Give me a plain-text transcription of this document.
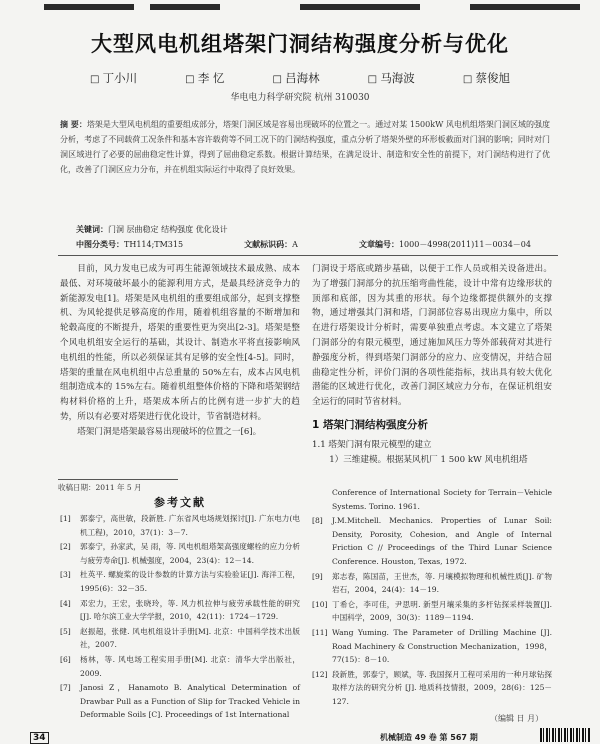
大型风电机组塔架门洞结构强度分析与优化
□ 丁小川	□ 李 忆	□ 吕海林	□ 马海波	□ 蔡俊旭
华电电力科学研究院 杭州 310030
摘 要：塔架是大型风电机组的重要组成部分，塔架门洞区域是容易出现破坏的位置之一。通过对某 1500kW 风电机组塔架门洞区域的强度分析，考虑了不同载荷工况条件和基本容许载荷等不同工况下的门洞结构强度，重点分析了塔架外壁的环形板截面对门洞的影响；同时对门洞区域进行了必要的屈曲稳定性计算，得到了屈曲稳定系数。根据计算结果，在满足设计、制造和安全性的前提下，对门洞结构进行了优化，改善了门洞区应力分布，并在机组实际运行中取得了良好效果。
关键词：门洞 层曲稳定 结构强度 优化设计
中图分类号：TH114;TM315	文献标识码：A	文章编号：1000－4998(2011)11－0034－04

目前，风力发电已成为可再生能源领域技术最成熟、成本最低、对环境破坏最小的能源利用方式，是最具经济竞争力的新能源发电[1]。塔架是风电机组的重要组成部分，起到支撑整机、为风轮提供足够高度的作用，随着机组容量的不断增加和轮毂高度的不断提升，塔架的重要性更为突出[2-3]。塔架是整个风电机组安全运行的基础，其设计、制造水平将直接影响风电机组的性能，所以必须保证其有足够的安全性[4-5]。同时，塔架的重量在风电机组中占总重量的 50%左右，成本占风电机组制造成本的 15%左右。随着机组整体价格的下降和塔架钢结构材料价格的上升，塔架成本所占的比例有进一步扩大的趋势，所以有必要对塔架进行优化设计，节省制造材料。

塔架门洞是塔架最容易出现破坏的位置之一[6]。

门洞设于塔底或踏步基础，以便于工作人员或相关设备进出。为了增强门洞部分的抗压缩弯曲性能，设计中常有边缘形状的顶部和底部，因为其重的形状。每个边缘都提供额外的支撑物，通过增强其门洞和塔，门洞部位容易出现应力集中，所以在进行塔架设计分析时，需要单独重点考虑。本文建立了塔架门洞部分的有限元模型，通过施加风压力等外部载荷对其进行静强度分析，得到塔架门洞部分的应力、应变情况，并结合屈曲稳定性分析，评价门洞的各项性能指标，找出具有较大优化潜能的区域进行优化，改善门洞区域应力分布，在保证机组安全运行的同时节省材料。

1 塔架门洞结构强度分析
1.1 塔架门洞有限元模型的建立

1）三维建模。根据某风机厂 1 500 kW 风电机组塔

收稿日期：2011 年 5 月
参考文献
[1]	郭泰宁，高世敏，段新胜. 广东省风电场规划探讨[J]. 广东电力(电机工程)，2010，37(1)：3－7.
[2]	郭泰宁，孙家武，吴 雨，等. 风电机组塔架高强度螺栓的应力分析与疲劳寿命[J]. 机械强度，2004，23(4)：12－14.
[3]	杜英平. 螺旋桨的设计参数的计算方法与实验验证[J]. 海洋工程，1995(6)：32－35.
[4]	邓宏力，王宏，张晓玲，等. 风力机拉伸与疲劳承载性能的研究[J]. 哈尔滨工业大学学报，2010，42(11)：1724－1729.
[5]	赵振超，张健. 风电机组设计手册[M]. 北京：中国科学技术出版社，2007.
[6]	杨林，等. 风电场工程实用手册[M]. 北京：清华大学出版社，2009.
[7]	Janosi Z，Hanamoto B. Analytical Determination of Drawbar Pull as a Function of Slip for Tracked Vehicle in Deformable Soils [C]. Proceedings of 1st International
Conference of International Society for Terrain－Vehicle Systems. Torino. 1961.
[8]	J.M.Mitchell. Mechanics. Properties of Lunar Soil: Density, Porosity, Cohesion, and Angle of Internal Friction C // Proceedings of the Third Lunar Science Conference. Houston, Texas, 1972.
[9]	郑志春，陈国苗，王世杰，等. 月壤模拟物理和机械性质[J]. 矿物岩石，2004，24(4)：14－19.
[10] 丁希仑，李可佳，尹思明. 新型月壤采集的多杆钻探采样装置[J]. 中国科学，2009，30(3)：1189－1194.
[11] Wang Yuming. The Parameter of Drilling Machine [J]. Road Machinery & Construction Mechanization，1998，77(15)：8－10.
[12] 段新胜，郭泰宁，顾斌，等. 我国探月工程可采用的一种月球钻探取样方法的研究分析 [J]. 地质科技情报，2009，28(6)：125－127.
（编辑 日 月）
34	机械制造 49 卷 第 567 期
